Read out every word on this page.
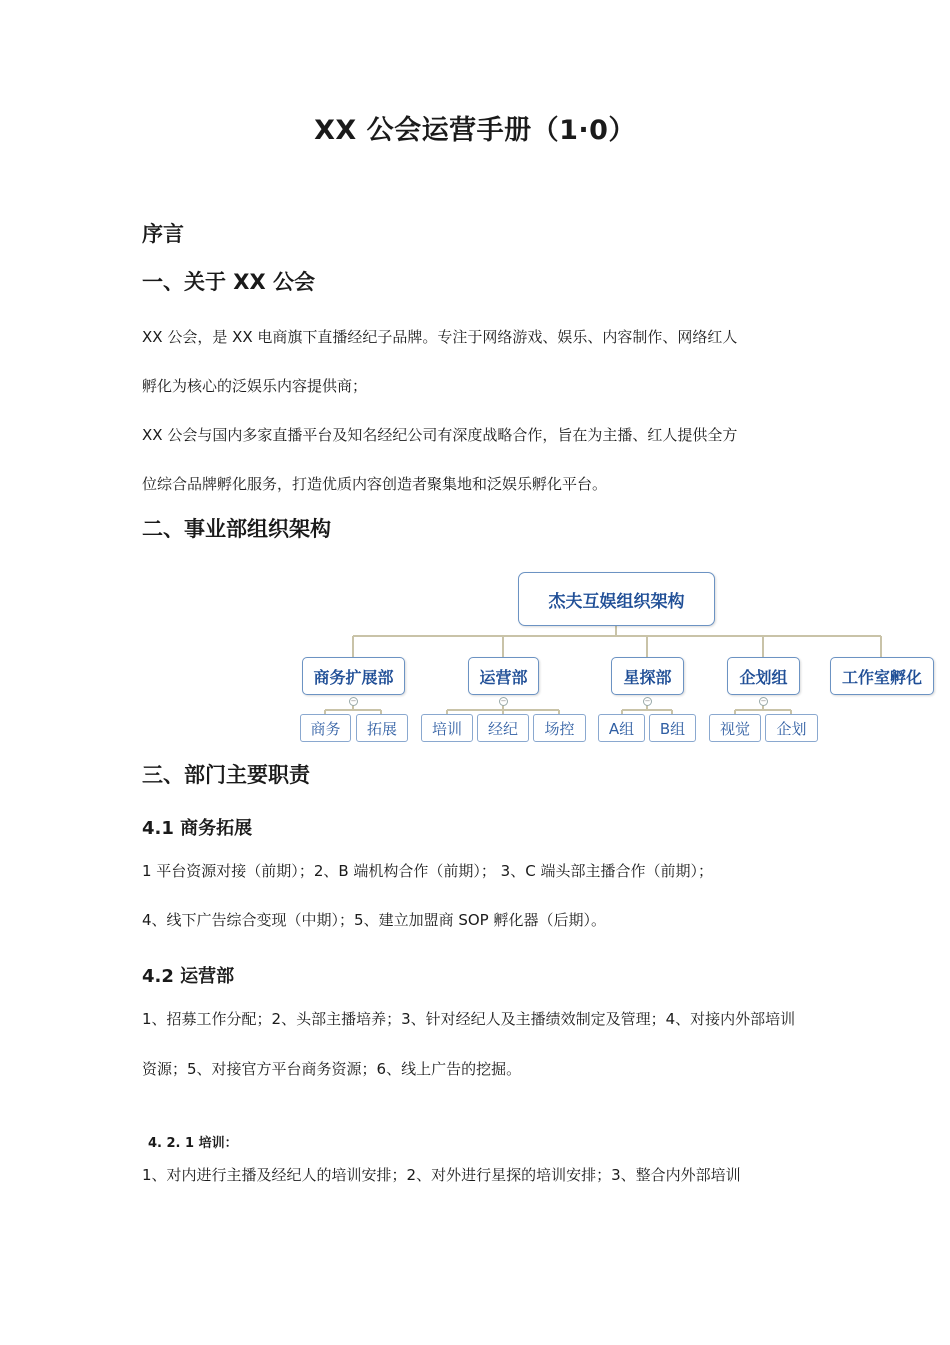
XX 公会运营手册（1·0）
序言
一、关于 XX 公会
XX 公会，是 XX 电商旗下直播经纪子品牌。专注于网络游戏、娱乐、内容制作、网络红人
孵化为核心的泛娱乐内容提供商；
XX 公会与国内多家直播平台及知名经纪公司有深度战略合作，旨在为主播、红人提供全方
位综合品牌孵化服务，打造优质内容创造者聚集地和泛娱乐孵化平台。
二、事业部组织架构
杰夫互娱组织架构
商务扩展部	运营部	星探部	企划组	工作室孵化
−	−	−	−
商务	拓展	培训	经纪	场控	A组	B组	视觉	企划
三、部门主要职责
4.1 商务拓展
1 平台资源对接（前期）；2、B 端机构合作（前期）； 3、C 端头部主播合作（前期）；
4、线下广告综合变现（中期）；5、建立加盟商 SOP 孵化器（后期）。
4.2 运营部
1、招募工作分配；2、头部主播培养；3、针对经纪人及主播绩效制定及管理；4、对接内外部培训
资源；5、对接官方平台商务资源；6、线上广告的挖掘。
4. 2. 1 培训：
1、对内进行主播及经纪人的培训安排；2、对外进行星探的培训安排；3、整合内外部培训
